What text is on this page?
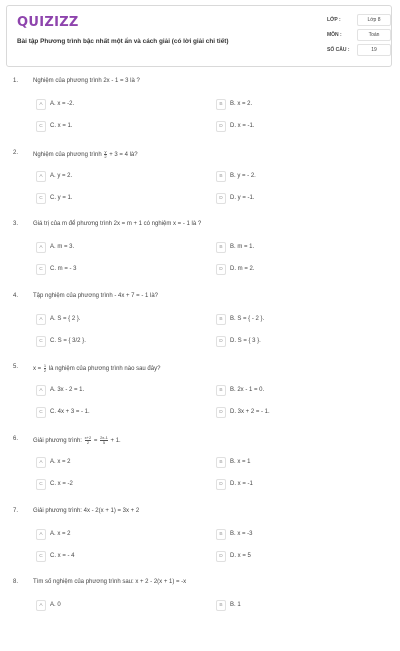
QUIZIZZ
Bài tập Phương trình bậc nhất một ẩn và cách giải (có lời giải chi tiết)
LỚP :	Lớp 8
MÔN :	Toán
SỐ CÂU :	19
1. Nghiệm của phương trình 2x - 1 = 3 là ?
A	A. x = -2.	B	B. x = 2.
C	C. x = 1.	D	D. x = -1.
2. Nghiệm của phương trình $\frac{y}{2} + 3 = 4$ là?
A	A. y = 2.	B	B. y = - 2.
C	C. y = 1.	D	D. y = -1.
3. Giá trị của m để phương trình 2x = m + 1 có nghiệm x = - 1 là ?
A	A. m = 3.	B	B. m = 1.
C	C. m = - 3	D	D. m = 2.
4. Tập nghiệm của phương trình - 4x + 7 = - 1 là?
A	A. S = { 2 }.	B	B. S = { - 2 }.
C	C. S = { 3/2 }.	D	D. S = { 3 }.
5. $x = \frac{1}{2}$ là nghiệm của phương trình nào sau đây?
A	A. 3x - 2 = 1.	B	B. 2x - 1 = 0.
C	C. 4x + 3 = - 1.	D	D. 3x + 2 = - 1.
6. Giải phương trình: $\frac{x+2}{2} = \frac{2x-1}{5} + 1$.
A	A. x = 2	B	B. x = 1
C	C. x = -2	D	D. x = -1
7. Giải phương trình: 4x - 2(x + 1) = 3x + 2
A	A. x = 2	B	B. x = -3
C	C. x = - 4	D	D. x = 5
8. Tìm số nghiệm của phương trình sau: x + 2 - 2(x + 1) = -x
A	A. 0	B	B. 1
